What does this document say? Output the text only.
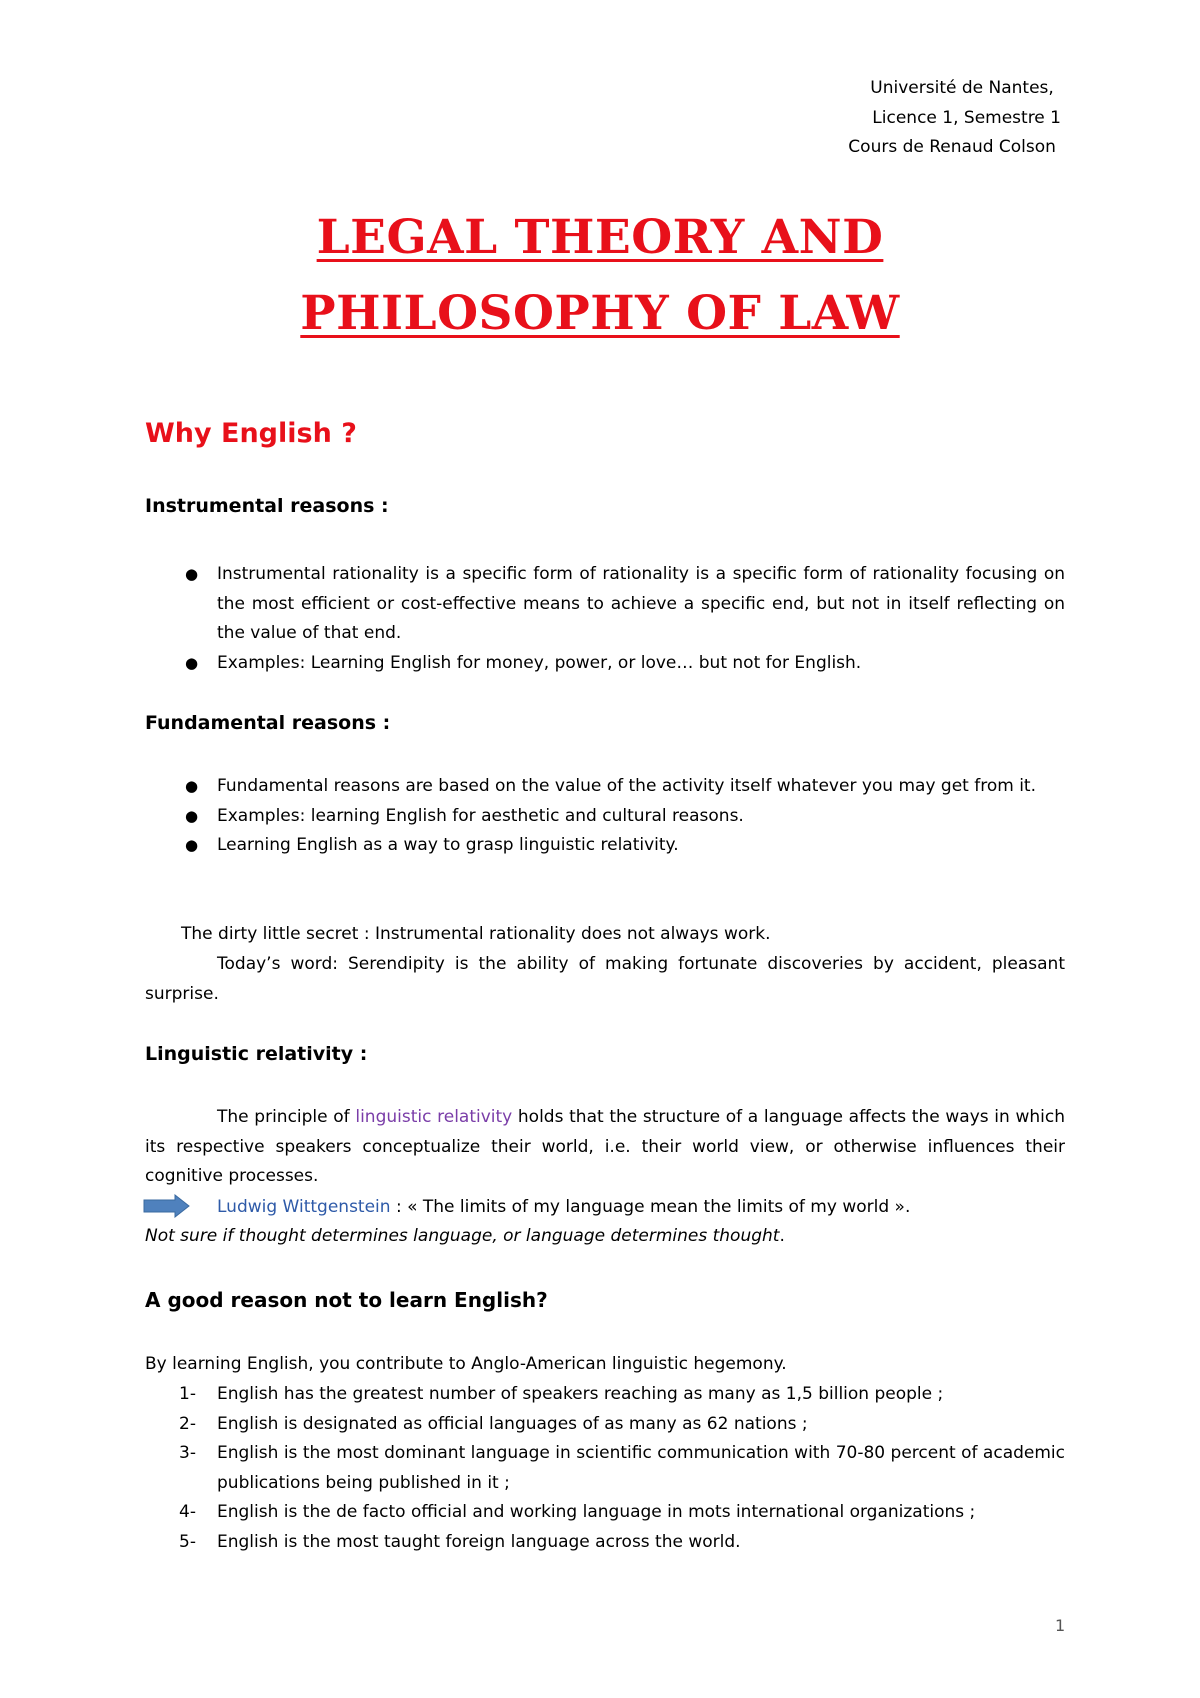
Université de Nantes,
Licence 1, Semestre 1
Cours de Renaud Colson
LEGAL THEORY AND
PHILOSOPHY OF LAW
Why English ?
Instrumental reasons :
● Instrumental rationality is a specific form of rationality is a specific form of rationality focusing on the most efficient or cost-effective means to achieve a specific end, but not in itself reflecting on the value of that end.
● Examples: Learning English for money, power, or love… but not for English.
Fundamental reasons :
● Fundamental reasons are based on the value of the activity itself whatever you may get from it.
● Examples: learning English for aesthetic and cultural reasons.
● Learning English as a way to grasp linguistic relativity.
The dirty little secret : Instrumental rationality does not always work.
Today’s word: Serendipity is the ability of making fortunate discoveries by accident, pleasant surprise.
Linguistic relativity :
The principle of linguistic relativity holds that the structure of a language affects the ways in which its respective speakers conceptualize their world, i.e. their world view, or otherwise influences their cognitive processes.
Ludwig Wittgenstein : « The limits of my language mean the limits of my world ».
Not sure if thought determines language, or language determines thought.
A good reason not to learn English?
By learning English, you contribute to Anglo-American linguistic hegemony.
1- English has the greatest number of speakers reaching as many as 1,5 billion people ;
2- English is designated as official languages of as many as 62 nations ;
3- English is the most dominant language in scientific communication with 70-80 percent of academic publications being published in it ;
4- English is the de facto official and working language in mots international organizations ;
5- English is the most taught foreign language across the world.
1
